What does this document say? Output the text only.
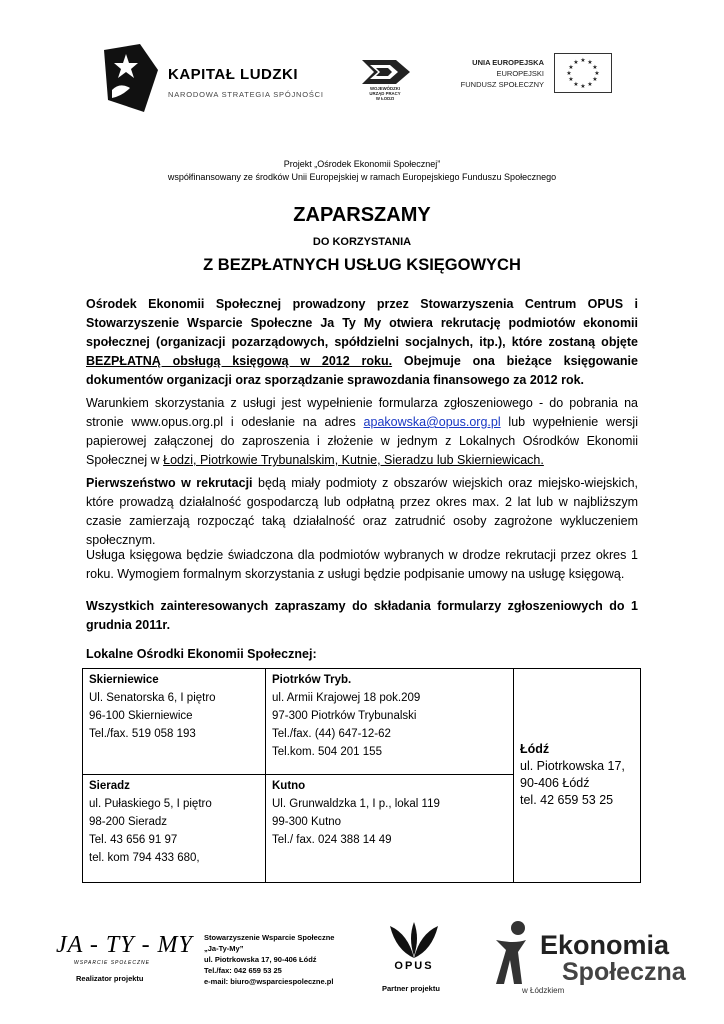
KAPITAŁ LUDZKI
NARODOWA STRATEGIA SPÓJNOŚCI
WOJEWÓDZKI
URZĄD PRACY
W ŁODZI
UNIA EUROPEJSKA
EUROPEJSKI
FUNDUSZ SPOŁECZNY
★ ★
★
★
★
★
★
★
★
★
★
★
Projekt „Ośrodek Ekonomii Społecznej”
współfinansowany ze środków Unii Europejskiej w ramach Europejskiego Funduszu Społecznego
ZAPARSZAMY
DO KORZYSTANIA
Z BEZPŁATNYCH USŁUG KSIĘGOWYCH
Ośrodek Ekonomii Społecznej prowadzony przez Stowarzyszenia Centrum OPUS i Stowarzyszenie Wsparcie Społeczne Ja Ty My otwiera rekrutację podmiotów ekonomii społecznej (organizacji pozarządowych, spółdzielni socjalnych, itp.), które zostaną objęte BEZPŁATNĄ obsługą księgową w 2012 roku. Obejmuje ona bieżące księgowanie dokumentów organizacji oraz sporządzanie sprawozdania finansowego za 2012 rok.
Warunkiem skorzystania z usługi jest wypełnienie formularza zgłoszeniowego - do pobrania na stronie www.opus.org.pl i odesłanie na adres apakowska@opus.org.pl lub wypełnienie wersji papierowej załączonej do zaproszenia i złożenie w jednym z Lokalnych Ośrodków Ekonomii Społecznej w Łodzi, Piotrkowie Trybunalskim, Kutnie, Sieradzu lub Skierniewicach.
Pierwszeństwo w rekrutacji będą miały podmioty z obszarów wiejskich oraz miejsko-wiejskich, które prowadzą działalność gospodarczą lub odpłatną przez okres max. 2 lat lub w najbliższym czasie zamierzają rozpocząć taką działalność oraz zatrudnić osoby zagrożone wykluczeniem społecznym.
Usługa księgowa będzie świadczona dla podmiotów wybranych w drodze rekrutacji przez okres 1 roku. Wymogiem formalnym skorzystania z usługi będzie podpisanie umowy na usługę księgową.
Wszystkich zainteresowanych zapraszamy do składania formularzy zgłoszeniowych do 1 grudnia 2011r.
Lokalne Ośrodki Ekonomii Społecznej:
Skierniewice
Ul. Senatorska 6, I piętro
96-100 Skierniewice
Tel./fax. 519 058 193
Piotrków Tryb.
ul. Armii Krajowej 18 pok.209
97-300 Piotrków Trybunalski
Tel./fax. (44) 647-12-62
Tel.kom. 504 201 155
Sieradz
ul. Pułaskiego 5, I piętro
98-200 Sieradz
Tel. 43 656 91 97
tel. kom 794 433 680,
Kutno
Ul. Grunwaldzka 1, I p., lokal 119
99-300 Kutno
Tel./ fax. 024 388 14 49
Łódź
ul. Piotrkowska 17,
90-406 Łódź
tel. 42 659 53 25
JA - TY - MY
WSPARCIE SPOŁECZNE
Realizator projektu
Stowarzyszenie Wsparcie Społeczne
„Ja-Ty-My”
ul. Piotrkowska 17, 90-406 Łódź
Tel./fax: 042 659 53 25
e-mail: biuro@wsparciespoleczne.pl
OPUS
Partner projektu
Ekonomia
Społeczna
w Łódzkiem
